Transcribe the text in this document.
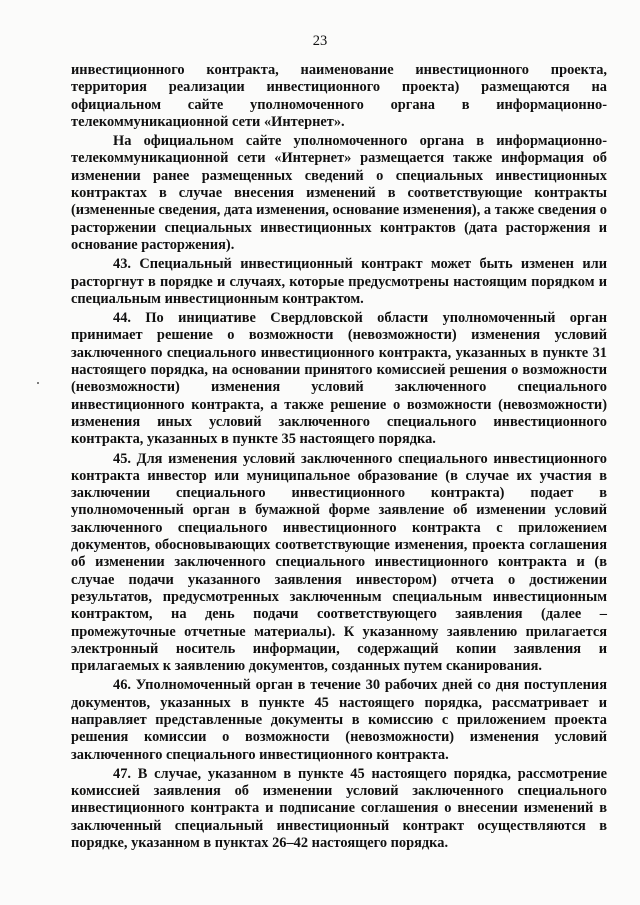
23

инвестиционного контракта, наименование инвестиционного проекта, территория реализации инвестиционного проекта) размещаются на официальном сайте уполномоченного органа в информационно-телекоммуникационной сети «Интернет».

На официальном сайте уполномоченного органа в информационно-телекоммуникационной сети «Интернет» размещается также информация об изменении ранее размещенных сведений о специальных инвестиционных контрактах в случае внесения изменений в соответствующие контракты (измененные сведения, дата изменения, основание изменения), а также сведения о расторжении специальных инвестиционных контрактов (дата расторжения и основание расторжения).

43. Специальный инвестиционный контракт может быть изменен или расторгнут в порядке и случаях, которые предусмотрены настоящим порядком и специальным инвестиционным контрактом.

44. По инициативе Свердловской области уполномоченный орган принимает решение о возможности (невозможности) изменения условий заключенного специального инвестиционного контракта, указанных в пункте 31 настоящего порядка, на основании принятого комиссией решения о возможности (невозможности) изменения условий заключенного специального инвестиционного контракта, а также решение о возможности (невозможности) изменения иных условий заключенного специального инвестиционного контракта, указанных в пункте 35 настоящего порядка.

45. Для изменения условий заключенного специального инвестиционного контракта инвестор или муниципальное образование (в случае их участия в заключении специального инвестиционного контракта) подает в уполномоченный орган в бумажной форме заявление об изменении условий заключенного специального инвестиционного контракта с приложением документов, обосновывающих соответствующие изменения, проекта соглашения об изменении заключенного специального инвестиционного контракта и (в случае подачи указанного заявления инвестором) отчета о достижении результатов, предусмотренных заключенным специальным инвестиционным контрактом, на день подачи соответствующего заявления (далее – промежуточные отчетные материалы). К указанному заявлению прилагается электронный носитель информации, содержащий копии заявления и прилагаемых к заявлению документов, созданных путем сканирования.

46. Уполномоченный орган в течение 30 рабочих дней со дня поступления документов, указанных в пункте 45 настоящего порядка, рассматривает и направляет представленные документы в комиссию с приложением проекта решения комиссии о возможности (невозможности) изменения условий заключенного специального инвестиционного контракта.

47. В случае, указанном в пункте 45 настоящего порядка, рассмотрение комиссией заявления об изменении условий заключенного специального инвестиционного контракта и подписание соглашения о внесении изменений в заключенный специальный инвестиционный контракт осуществляются в порядке, указанном в пунктах 26–42 настоящего порядка.
